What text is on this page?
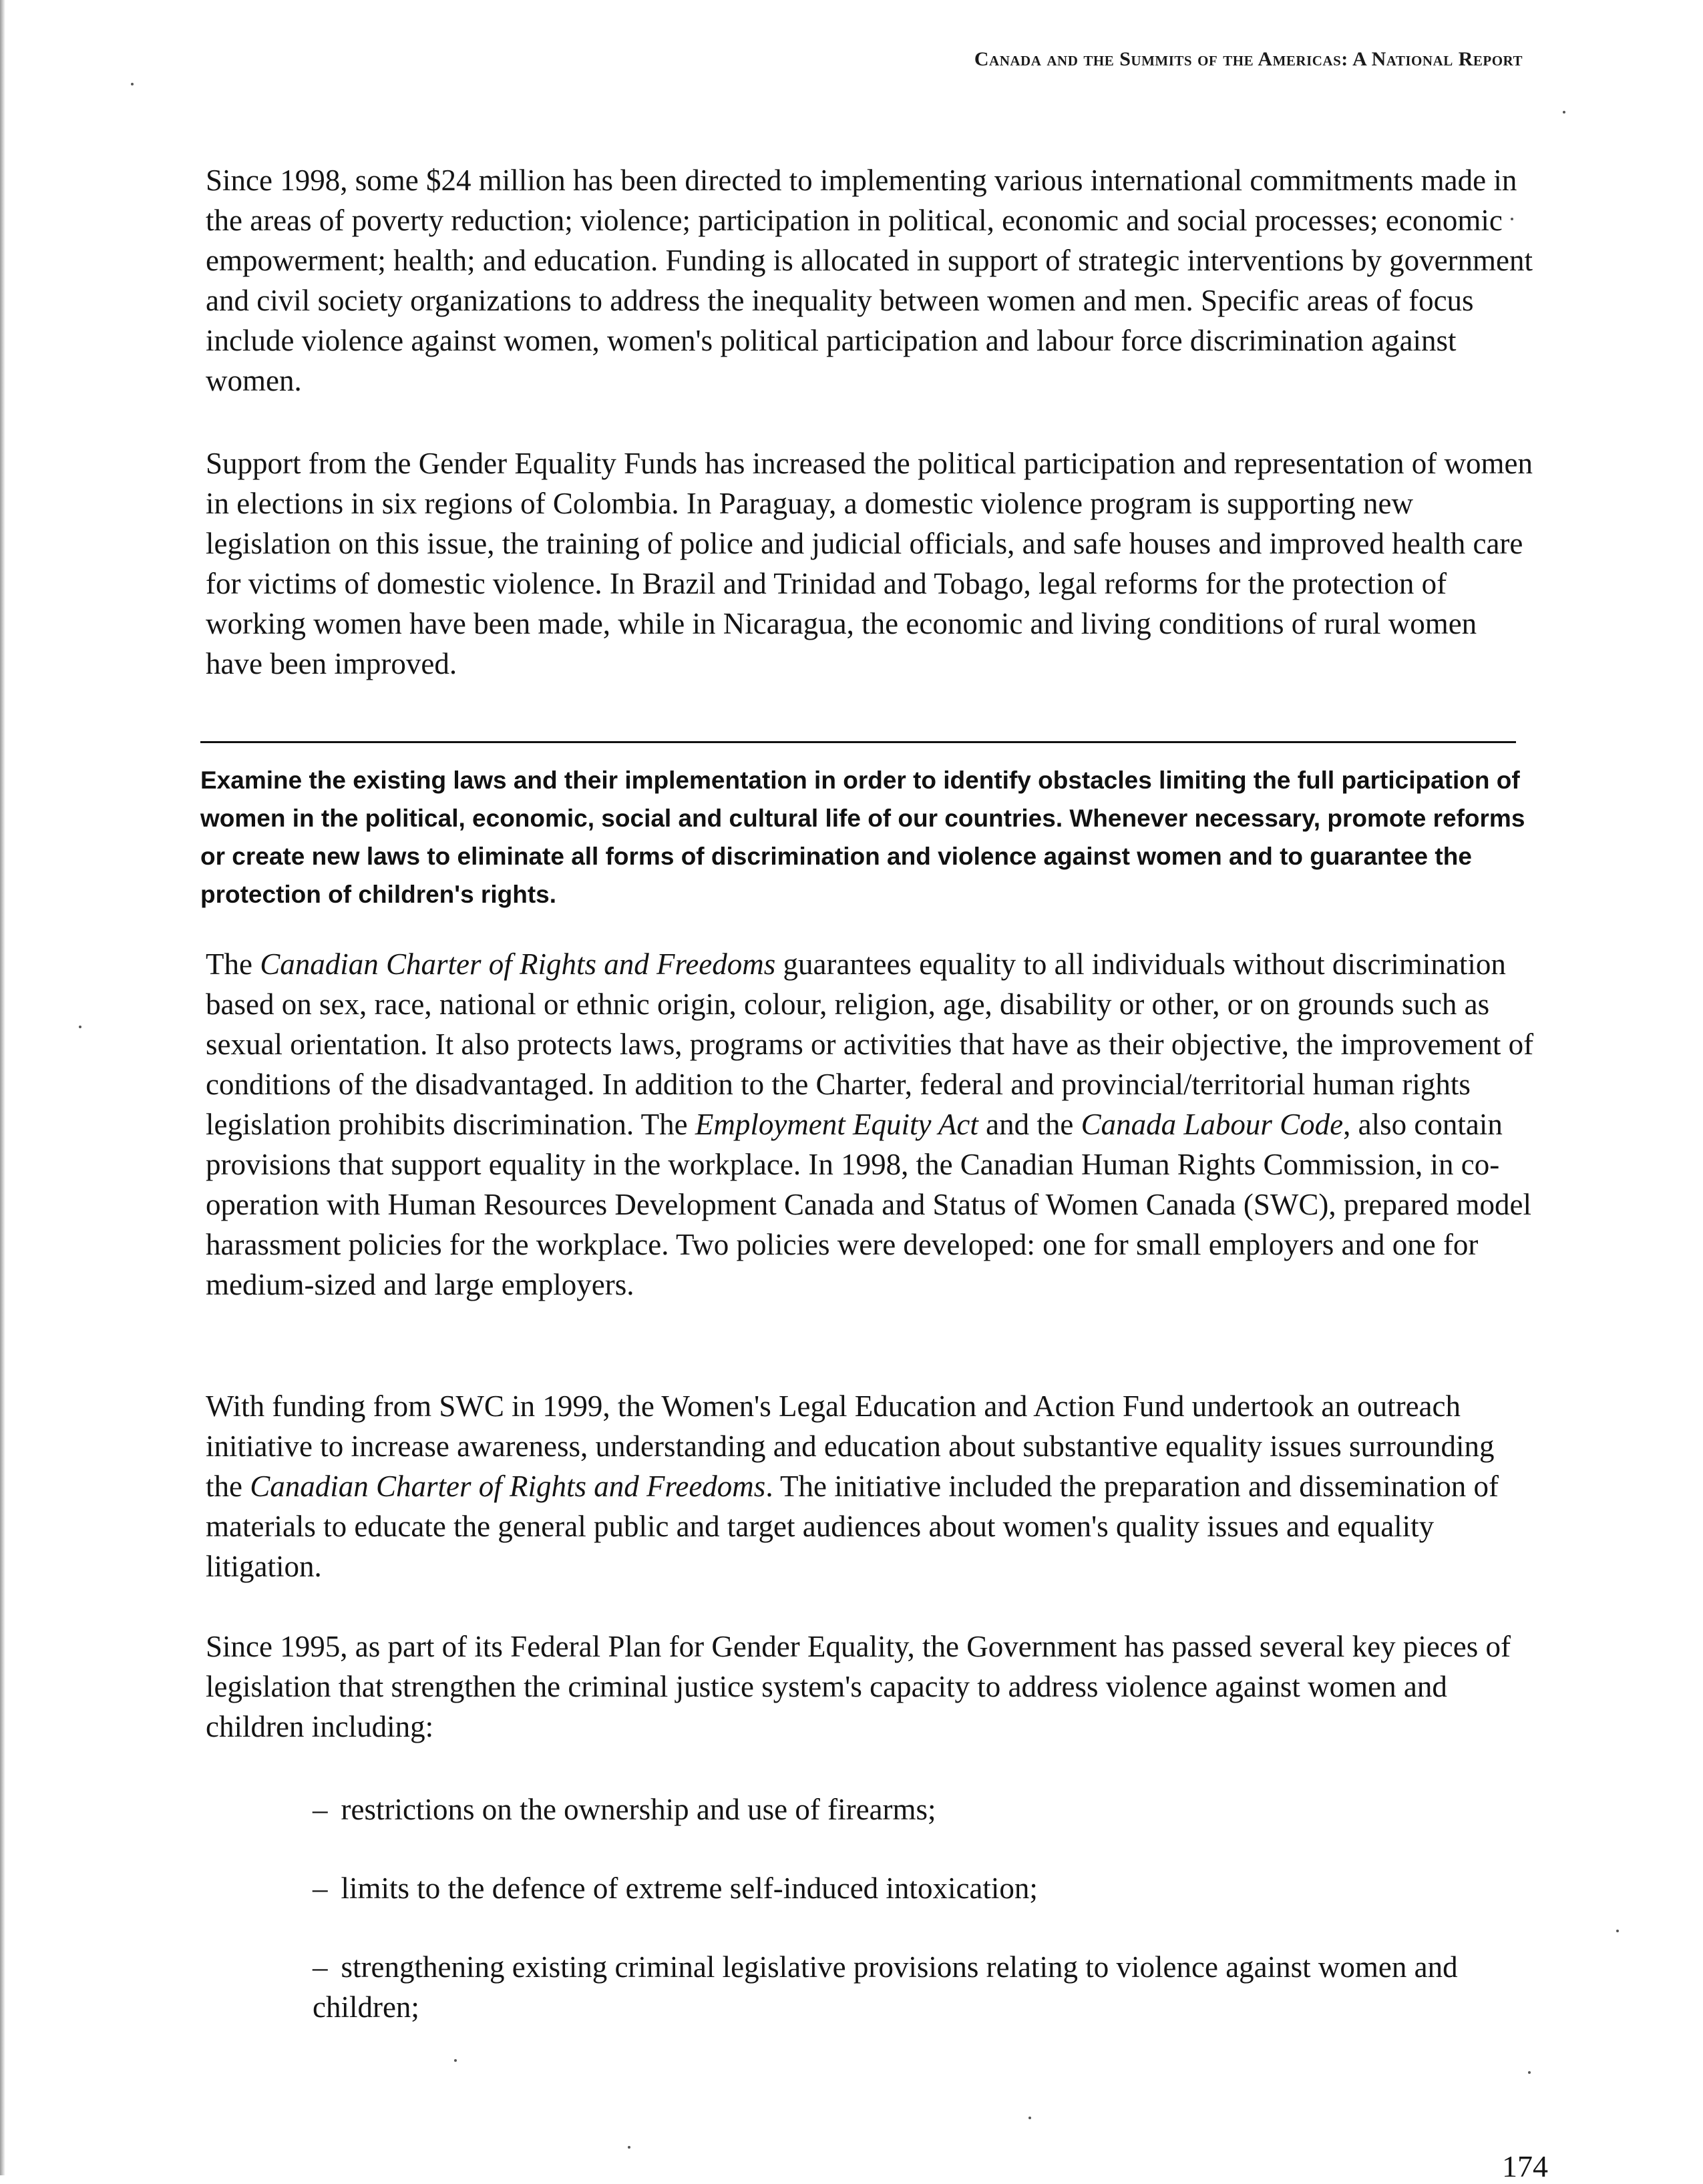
Canada and the Summits of the Americas: A National Report

Since 1998, some $24 million has been directed to implementing various international commitments made in the areas of poverty reduction; violence; participation in political, economic and social processes; economic empowerment; health; and education. Funding is allocated in support of strategic interventions by government and civil society organizations to address the inequality between women and men. Specific areas of focus include violence against women, women's political participation and labour force discrimination against women.

Support from the Gender Equality Funds has increased the political participation and representation of women in elections in six regions of Colombia. In Paraguay, a domestic violence program is supporting new legislation on this issue, the training of police and judicial officials, and safe houses and improved health care for victims of domestic violence. In Brazil and Trinidad and Tobago, legal reforms for the protection of working women have been made, while in Nicaragua, the economic and living conditions of rural women have been improved.

Examine the existing laws and their implementation in order to identify obstacles limiting the full participation of women in the political, economic, social and cultural life of our countries. Whenever necessary, promote reforms or create new laws to eliminate all forms of discrimination and violence against women and to guarantee the protection of children's rights.

The Canadian Charter of Rights and Freedoms guarantees equality to all individuals without discrimination based on sex, race, national or ethnic origin, colour, religion, age, disability or other, or on grounds such as sexual orientation. It also protects laws, programs or activities that have as their objective, the improvement of conditions of the disadvantaged. In addition to the Charter, federal and provincial/territorial human rights legislation prohibits discrimination. The Employment Equity Act and the Canada Labour Code, also contain provisions that support equality in the workplace. In 1998, the Canadian Human Rights Commission, in co-operation with Human Resources Development Canada and Status of Women Canada (SWC), prepared model harassment policies for the workplace. Two policies were developed: one for small employers and one for medium-sized and large employers.

With funding from SWC in 1999, the Women's Legal Education and Action Fund undertook an outreach initiative to increase awareness, understanding and education about substantive equality issues surrounding the Canadian Charter of Rights and Freedoms. The initiative included the preparation and dissemination of materials to educate the general public and target audiences about women's quality issues and equality litigation.

Since 1995, as part of its Federal Plan for Gender Equality, the Government has passed several key pieces of legislation that strengthen the criminal justice system's capacity to address violence against women and children including:

– restrictions on the ownership and use of firearms;
– limits to the defence of extreme self-induced intoxication;
– strengthening existing criminal legislative provisions relating to violence against women and children;
174
